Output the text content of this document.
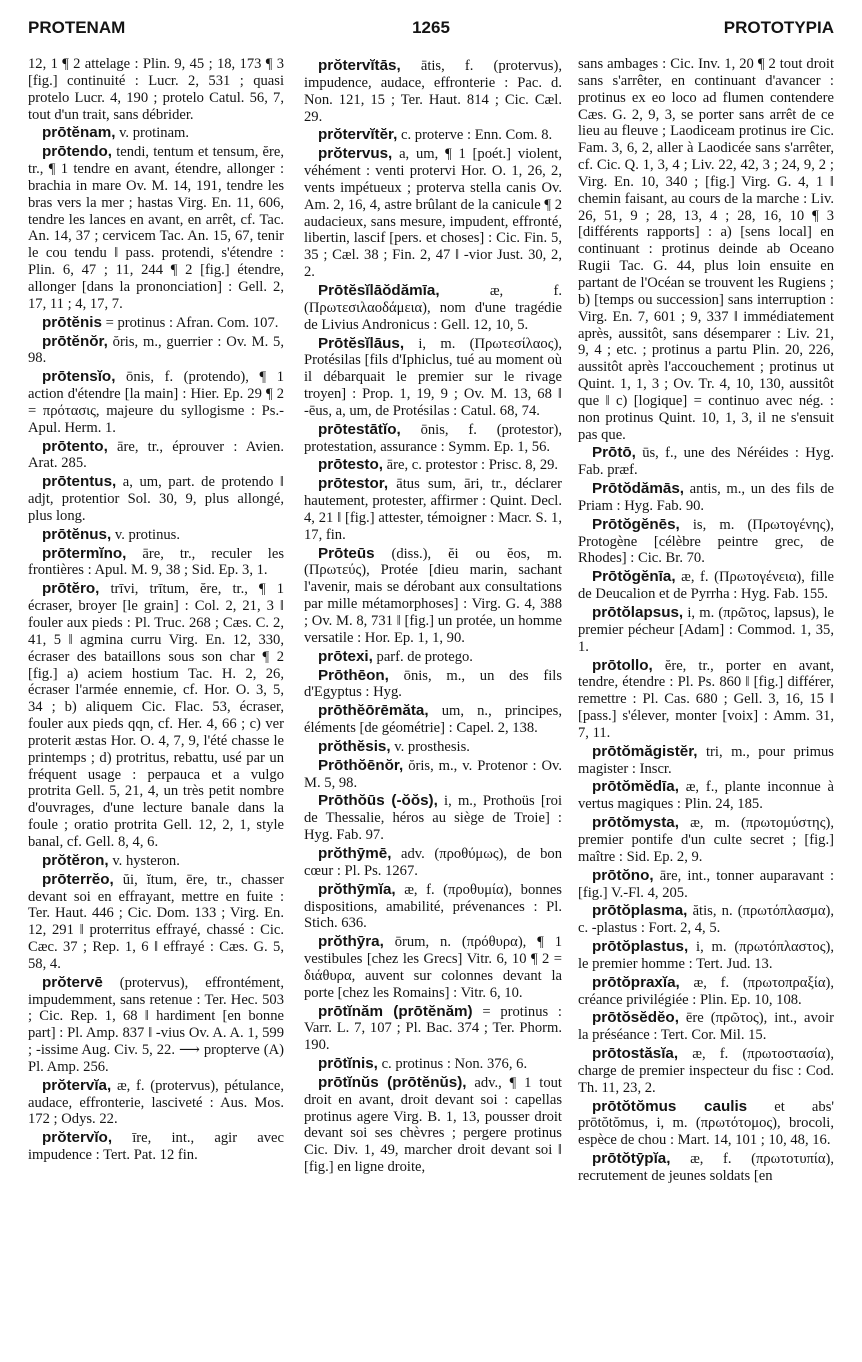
PROTENAM	1265	PROTOTYPIA

12, 1 ¶ 2 attelage : Plin. 9, 45 ; 18, 173 ¶ 3 [fig.] continuité : Lucr. 2, 531 ; quasi protelo Lucr. 4, 190 ; protelo Catul. 56, 7, tout d'un trait, sans débrider.

prōtĕnam, v. protinam.

prōtendo, tendi, tentum et tensum, ĕre, tr., ¶ 1 tendre en avant, étendre, allonger : brachia in mare Ov. M. 14, 191, tendre les bras vers la mer ; hastas Virg. En. 11, 606, tendre les lances en avant, en arrêt, cf. Tac. An. 14, 37 ; cervicem Tac. An. 15, 67, tenir le cou tendu ‖ pass. protendi, s'étendre : Plin. 6, 47 ; 11, 244 ¶ 2 [fig.] étendre, allonger [dans la prononciation] : Gell. 2, 17, 11 ; 4, 17, 7.

prōtĕnis = protinus : Afran. Com. 107.

prōtĕnŏr, ŏris, m., guerrier : Ov. M. 5, 98.

prōtensĭo, ōnis, f. (protendo), ¶ 1 action d'étendre [la main] : Hier. Ep. 29 ¶ 2 = πρότασις, majeure du syllogisme : Ps.-Apul. Herm. 1.

prōtento, āre, tr., éprouver : Avien. Arat. 285.

prōtentus, a, um, part. de protendo ‖ adjt, protentior Sol. 30, 9, plus allongé, plus long.

prōtĕnus, v. protinus.

prōtermĭno, āre, tr., reculer les frontières : Apul. M. 9, 38 ; Sid. Ep. 3, 1.

prōtĕro, trīvi, trītum, ĕre, tr., ¶ 1 écraser, broyer [le grain] : Col. 2, 21, 3 ‖ fouler aux pieds : Pl. Truc. 268 ; Cæs. C. 2, 41, 5 ‖ agmina curru Virg. En. 12, 330, écraser des bataillons sous son char ¶ 2 [fig.] a) aciem hostium Tac. H. 2, 26, écraser l'armée ennemie, cf. Hor. O. 3, 5, 34 ; b) aliquem Cic. Flac. 53, écraser, fouler aux pieds qqn, cf. Her. 4, 66 ; c) ver proterit æstas Hor. O. 4, 7, 9, l'été chasse le printemps ; d) protritus, rebattu, usé par un fréquent usage : perpauca et a vulgo protrita Gell. 5, 21, 4, un très petit nombre d'ouvrages, d'une lecture banale dans la foule ; oratio protrita Gell. 12, 2, 1, style banal, cf. Gell. 8, 4, 6.

prŏtĕron, v. hysteron.

prōterrĕo, ŭi, ĭtum, ēre, tr., chasser devant soi en effrayant, mettre en fuite : Ter. Haut. 446 ; Cic. Dom. 133 ; Virg. En. 12, 291 ‖ proterritus effrayé, chassé : Cic. Cæc. 37 ; Rep. 1, 6 ‖ effrayé : Cæs. G. 5, 58, 4.

prŏtervē (protervus), effrontément, impudemment, sans retenue : Ter. Hec. 503 ; Cic. Rep. 1, 68 ‖ hardiment [en bonne part] : Pl. Amp. 837 ‖ -vius Ov. A. A. 1, 599 ; -issime Aug. Civ. 5, 22. ⟶ propterve (A) Pl. Amp. 256.

prŏtervĭa, æ, f. (protervus), pétulance, audace, effronterie, lasciveté : Aus. Mos. 172 ; Odys. 22.

prŏtervĭo, īre, int., agir avec impudence : Tert. Pat. 12 fin.

prŏtervĭtās, ātis, f. (protervus), impudence, audace, effronterie : Pac. d. Non. 121, 15 ; Ter. Haut. 814 ; Cic. Cæl. 29.

prŏtervĭtĕr, c. proterve : Enn. Com. 8.

prŏtervus, a, um, ¶ 1 [poét.] violent, véhément : venti protervi Hor. O. 1, 26, 2, vents impétueux ; proterva stella canis Ov. Am. 2, 16, 4, astre brûlant de la canicule ¶ 2 audacieux, sans mesure, impudent, effronté, libertin, lascif [pers. et choses] : Cic. Fin. 5, 35 ; Cæl. 38 ; Fin. 2, 47 ‖ -vior Just. 30, 2, 2.

Prōtĕsĭlāŏdămīa,	æ, f. (Πρωτεσιλαοδάμεια), nom d'une tragédie de Livius Andronicus : Gell. 12, 10, 5.

Prōtĕsĭlāus, i, m. (Πρωτεσίλαος), Protésilas [fils d'Iphiclus, tué au moment où il débarquait le premier sur le rivage troyen] : Prop. 1, 19, 9 ; Ov. M. 13, 68 ‖ -ēus, a, um, de Protésilas : Catul. 68, 74.

prōtestātĭo, ōnis, f. (protestor), protestation, assurance : Symm. Ep. 1, 56.

prōtesto, āre, c. protestor : Prisc. 8, 29.

prōtestor, ātus sum, āri, tr., déclarer hautement, protester, affirmer : Quint. Decl. 4, 21 ‖ [fig.] attester, témoigner : Macr. S. 1, 17, fin.

Prōteūs (diss.), ĕi ou ĕos, m. (Πρωτεύς), Protée [dieu marin, sachant l'avenir, mais se dérobant aux consultations par mille métamorphoses] : Virg. G. 4, 388 ; Ov. M. 8, 731 ‖ [fig.] un protée, un homme versatile : Hor. Ep. 1, 1, 90.

prōtexi, parf. de protego.

Prōthēon, ōnis, m., un des fils d'Egyptus : Hyg.

prōthĕōrēmăta, um, n., principes, éléments [de géométrie] : Capel. 2, 138.

prŏthĕsis, v. prosthesis.

Prōthŏēnŏr, ŏris, m., v. Protenor : Ov. M. 5, 98.

Prōthŏūs (-ŏŏs), i, m., Prothoüs [roi de Thessalie, héros au siège de Troie] : Hyg. Fab. 97.

prŏthȳmē, adv. (προθύμως), de bon cœur : Pl. Ps. 1267.

prŏthȳmĭa, æ, f. (προθυμία), bonnes dispositions, amabilité, prévenances : Pl. Stich. 636.

prŏthȳra, ōrum, n. (πρόθυρα), ¶ 1 vestibules [chez les Grecs] Vitr. 6, 10 ¶ 2 = διάθυρα, auvent sur colonnes devant la porte [chez les Romains] : Vitr. 6, 10.

prōtĭnăm (prōtĕnăm) = protinus : Varr. L. 7, 107 ; Pl. Bac. 374 ; Ter. Phorm. 190.

prōtĭnis, c. protinus : Non. 376, 6.

prōtĭnŭs (prōtĕnŭs), adv., ¶ 1 tout droit en avant, droit devant soi : capellas protinus agere Virg. B. 1, 13, pousser droit devant soi ses chèvres ; pergere protinus Cic. Div. 1, 49, marcher droit devant soi ‖ [fig.] en ligne droite,

sans ambages : Cic. Inv. 1, 20 ¶ 2 tout droit sans s'arrêter, en continuant d'avancer : protinus ex eo loco ad flumen contendere Cæs. G. 2, 9, 3, se porter sans arrêt de ce lieu au fleuve ; Laodiceam protinus ire Cic. Fam. 3, 6, 2, aller à Laodicée sans s'arrêter, cf. Cic. Q. 1, 3, 4 ; Liv. 22, 42, 3 ; 24, 9, 2 ; Virg. En. 10, 340 ; [fig.] Virg. G. 4, 1 ‖ chemin faisant, au cours de la marche : Liv. 26, 51, 9 ; 28, 13, 4 ; 28, 16, 10 ¶ 3 [différents rapports] : a) [sens local] en continuant : protinus deinde ab Oceano Rugii Tac. G. 44, plus loin ensuite en partant de l'Océan se trouvent les Rugiens ; b) [temps ou succession] sans interruption : Virg. En. 7, 601 ; 9, 337 ‖ immédiatement après, aussitôt, sans désemparer : Liv. 21, 9, 4 ; etc. ; protinus a partu Plin. 20, 226, aussitôt après l'accouchement ; protinus ut Quint. 1, 1, 3 ; Ov. Tr. 4, 10, 130, aussitôt que ‖ c) [logique] = continuo avec nég. : non protinus Quint. 10, 1, 3, il ne s'ensuit pas que.

Prōtō, ūs, f., une des Néréides : Hyg. Fab. præf.

Prōtŏdămās, antis, m., un des fils de Priam : Hyg. Fab. 90.

Prōtŏgĕnēs, is, m. (Πρωτογένης), Protogène [célèbre peintre grec, de Rhodes] : Cic. Br. 70.

Prōtŏgĕnīa, æ, f. (Πρωτογένεια), fille de Deucalion et de Pyrrha : Hyg. Fab. 155.

prōtŏlapsus, i, m. (πρῶτος, lapsus), le premier pécheur [Adam] : Commod. 1, 35, 1.

prōtollo, ĕre, tr., porter en avant, tendre, étendre : Pl. Ps. 860 ‖ [fig.] différer, remettre : Pl. Cas. 680 ; Gell. 3, 16, 15 ‖ [pass.] s'élever, monter [voix] : Amm. 31, 7, 11.

prōtŏmăgistĕr, tri, m., pour primus magister : Inscr.

prōtŏmĕdīa, æ, f., plante inconnue à vertus magiques : Plin. 24, 185.

prōtŏmysta, æ, m. (πρωτομύστης), premier pontife d'un culte secret ; [fig.] maître : Sid. Ep. 2, 9.

prōtŏno, āre, int., tonner auparavant : [fig.] V.-Fl. 4, 205.

prōtŏplasma, ătis, n. (πρωτόπλασμα), c. -plastus : Fort. 2, 4, 5.

prōtŏplastus, i, m. (πρωτόπλαστος), le premier homme : Tert. Jud. 13.

prōtŏpraxĭa, æ, f. (πρωτοπραξία), créance privilégiée : Plin. Ep. 10, 108.

prōtŏsĕdĕo, ēre (πρῶτος), int., avoir la préséance : Tert. Cor. Mil. 15.

prōtostăsĭa, æ, f. (πρωτοστασία), charge de premier inspecteur du fisc : Cod. Th. 11, 23, 2.

prōtŏtŏmus caulis et abs' prōtŏtŏmus, i, m. (πρωτότομος), brocoli, espèce de chou : Mart. 14, 101 ; 10, 48, 16.

prōtŏtȳpĭa, æ, f. (πρωτοτυπία), recrutement de jeunes soldats [en
